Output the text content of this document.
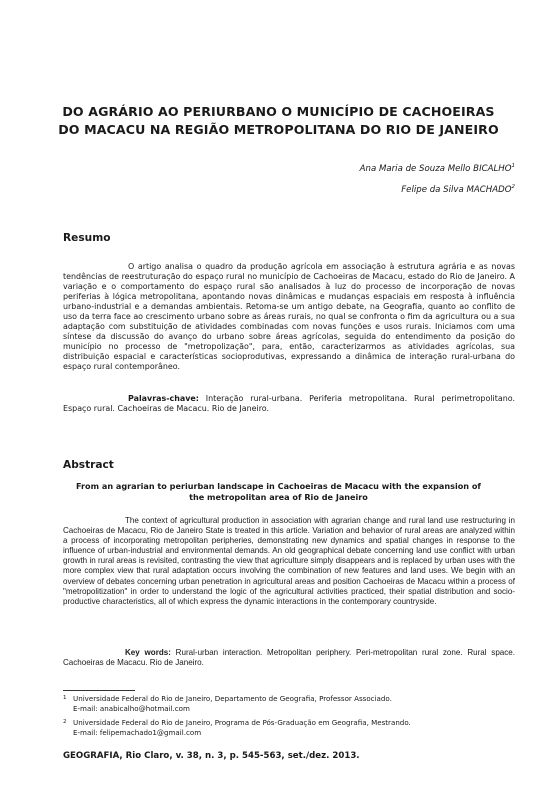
DO AGRÁRIO AO PERIURBANO O MUNICÍPIO DE CACHOEIRAS
DO MACACU NA REGIÃO METROPOLITANA DO RIO DE JANEIRO
Ana Maria de Souza Mello BICALHO$^1$
Felipe da Silva MACHADO$^2$
Resumo
O artigo analisa o quadro da produção agrícola em associação à estrutura agrária e as novas tendências de reestruturação do espaço rural no município de Cachoeiras de Macacu, estado do Rio de Janeiro. A variação e o comportamento do espaço rural são analisados à luz do processo de incorporação de novas periferias à lógica metropolitana, apontando novas dinâmicas e mudanças espaciais em resposta à influência urbano-industrial e a demandas ambientais. Retoma-se um antigo debate, na Geografia, quanto ao conflito de uso da terra face ao crescimento urbano sobre as áreas rurais, no qual se confronta o fim da agricultura ou a sua adaptação com substituição de atividades combinadas com novas funções e usos rurais. Iniciamos com uma síntese da discussão do avanço do urbano sobre áreas agrícolas, seguida do entendimento da posição do município no processo de "metropolização", para, então, caracterizarmos as atividades agrícolas, sua distribuição espacial e características socioprodutivas, expressando a dinâmica de interação rural-urbana do espaço rural contemporâneo.
Palavras-chave: Interação rural-urbana. Periferia metropolitana. Rural perimetropolitano. Espaço rural. Cachoeiras de Macacu. Rio de Janeiro.
Abstract
From an agrarian to periurban landscape in Cachoeiras de Macacu with the expansion of the metropolitan area of Rio de Janeiro
The context of agricultural production in association with agrarian change and rural land use restructuring in Cachoeiras de Macacu, Rio de Janeiro State is treated in this article. Variation and behavior of rural areas are analyzed within a process of incorporating metropolitan peripheries, demonstrating new dynamics and spatial changes in response to the influence of urban-industrial and environmental demands. An old geographical debate concerning land use conflict with urban growth in rural areas is revisited, contrasting the view that agriculture simply disappears and is replaced by urban uses with the more complex view that rural adaptation occurs involving the combination of new features and land uses. We begin with an overview of debates concerning urban penetration in agricultural areas and position Cachoeiras de Macacu within a process of "metropolitization" in order to understand the logic of the agricultural activities practiced, their spatial distribution and socio-productive characteristics, all of which express the dynamic interactions in the contemporary countryside.
Key words: Rural-urban interaction. Metropolitan periphery. Peri-metropolitan rural zone. Rural space. Cachoeiras de Macacu. Rio de Janeiro.
1 Universidade Federal do Rio de Janeiro, Departamento de Geografia, Professor Associado.
E-mail: anabicalho@hotmail.com
2 Universidade Federal do Rio de Janeiro, Programa de Pós-Graduação em Geografia, Mestrando.
E-mail: felipemachado1@gmail.com
GEOGRAFIA, Rio Claro, v. 38, n. 3, p. 545-563, set./dez. 2013.
